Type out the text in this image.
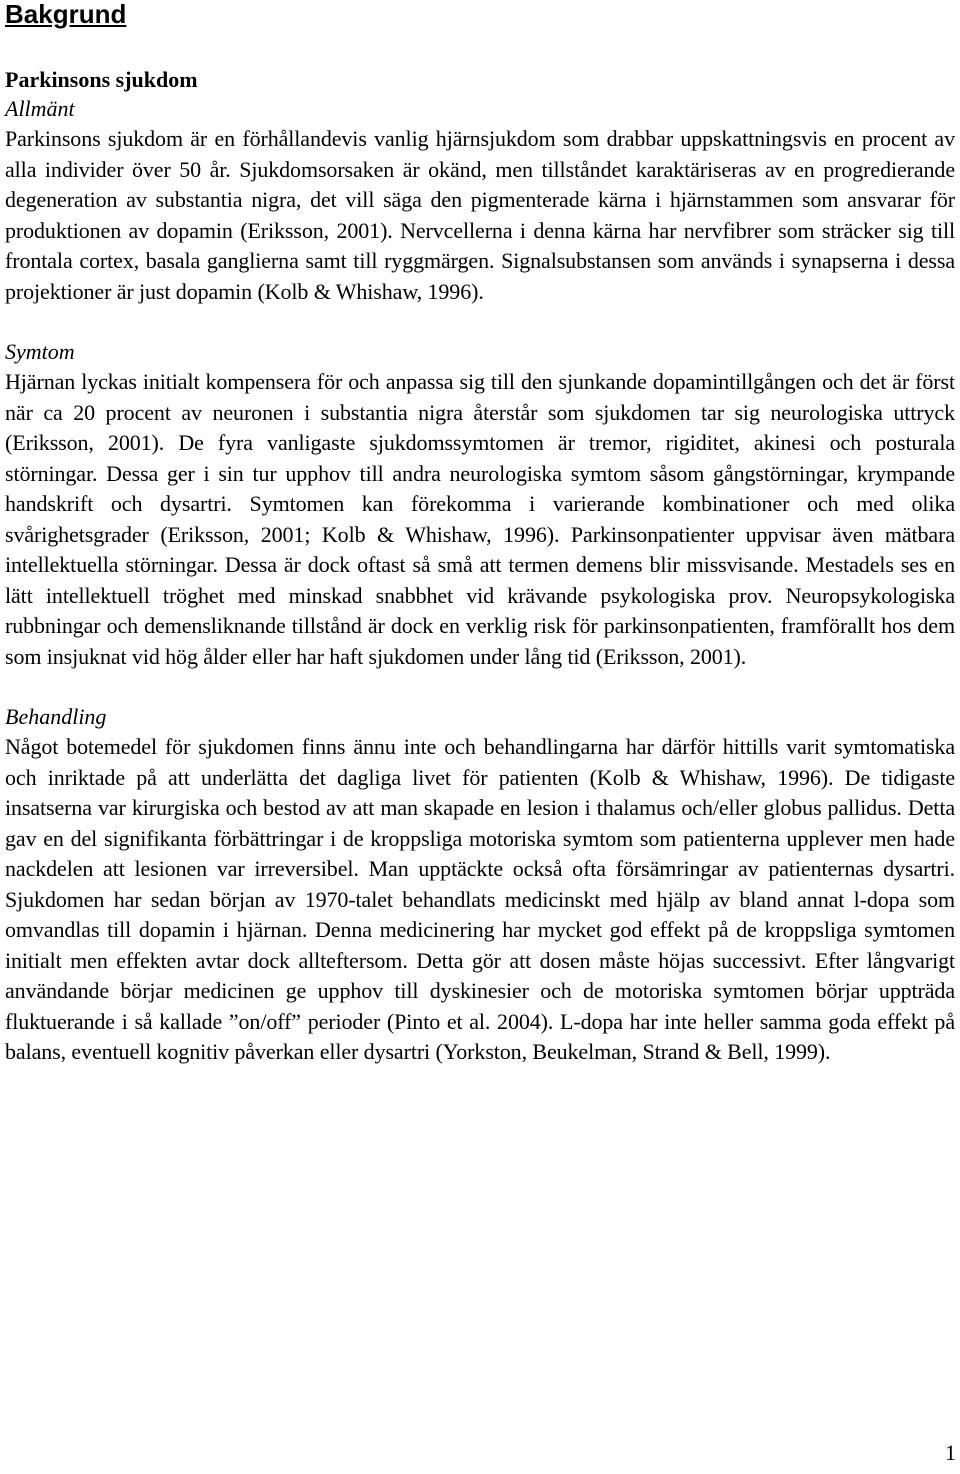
Bakgrund
Parkinsons sjukdom
Allmänt

Parkinsons sjukdom är en förhållandevis vanlig hjärnsjukdom som drabbar uppskattningsvis en procent av alla individer över 50 år. Sjukdomsorsaken är okänd, men tillståndet karaktäriseras av en progredierande degeneration av substantia nigra, det vill säga den pigmenterade kärna i hjärnstammen som ansvarar för produktionen av dopamin (Eriksson, 2001). Nervcellerna i denna kärna har nervfibrer som sträcker sig till frontala cortex, basala ganglierna samt till ryggmärgen. Signalsubstansen som används i synapserna i dessa projektioner är just dopamin (Kolb & Whishaw, 1996).

Symtom

Hjärnan lyckas initialt kompensera för och anpassa sig till den sjunkande dopamintillgången och det är först när ca 20 procent av neuronen i substantia nigra återstår som sjukdomen tar sig neurologiska uttryck (Eriksson, 2001). De fyra vanligaste sjukdomssymtomen är tremor, rigiditet, akinesi och posturala störningar. Dessa ger i sin tur upphov till andra neurologiska symtom såsom gångstörningar, krympande handskrift och dysartri. Symtomen kan förekomma i varierande kombinationer och med olika svårighetsgrader (Eriksson, 2001; Kolb & Whishaw, 1996). Parkinsonpatienter uppvisar även mätbara intellektuella störningar. Dessa är dock oftast så små att termen demens blir missvisande. Mestadels ses en lätt intellektuell tröghet med minskad snabbhet vid krävande psykologiska prov. Neuropsykologiska rubbningar och demensliknande tillstånd är dock en verklig risk för parkinsonpatienten, framförallt hos dem som insjuknat vid hög ålder eller har haft sjukdomen under lång tid (Eriksson, 2001).

Behandling

Något botemedel för sjukdomen finns ännu inte och behandlingarna har därför hittills varit symtomatiska och inriktade på att underlätta det dagliga livet för patienten (Kolb & Whishaw, 1996). De tidigaste insatserna var kirurgiska och bestod av att man skapade en lesion i thalamus och/eller globus pallidus. Detta gav en del signifikanta förbättringar i de kroppsliga motoriska symtom som patienterna upplever men hade nackdelen att lesionen var irreversibel. Man upptäckte också ofta försämringar av patienternas dysartri. Sjukdomen har sedan början av 1970-talet behandlats medicinskt med hjälp av bland annat l-dopa som omvandlas till dopamin i hjärnan. Denna medicinering har mycket god effekt på de kroppsliga symtomen initialt men effekten avtar dock allteftersom. Detta gör att dosen måste höjas successivt. Efter långvarigt användande börjar medicinen ge upphov till dyskinesier och de motoriska symtomen börjar uppträda fluktuerande i så kallade ”on/off” perioder (Pinto et al. 2004). L-dopa har inte heller samma goda effekt på balans, eventuell kognitiv påverkan eller dysartri (Yorkston, Beukelman, Strand & Bell, 1999).

1
